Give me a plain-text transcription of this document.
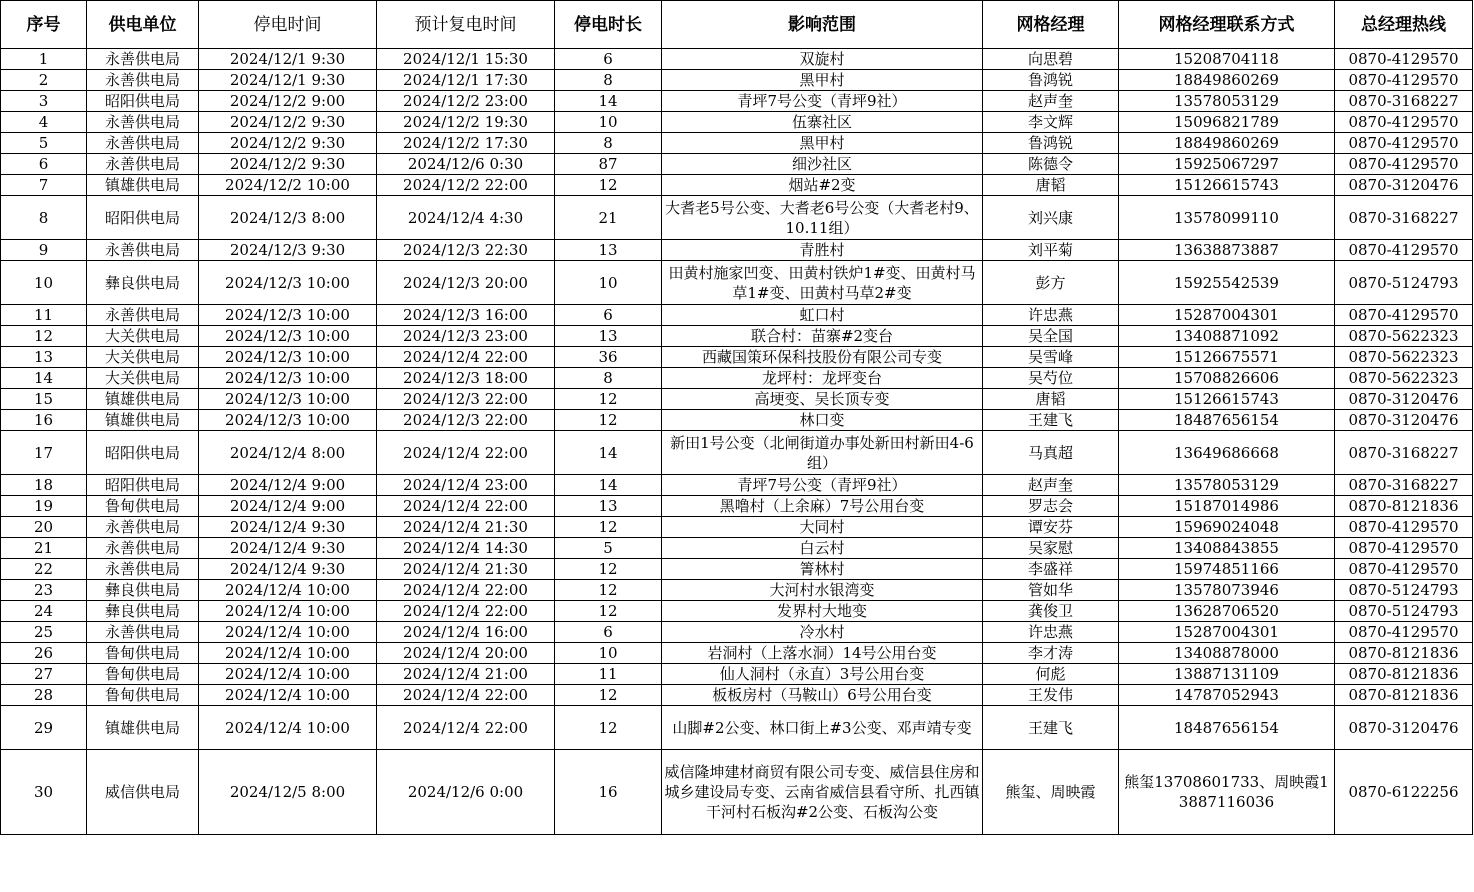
序号	供电单位	停电时间	预计复电时间	停电时长	影响范围	网格经理	网格经理联系方式	总经理热线
1	永善供电局	2024/12/1 9:30	2024/12/1 15:30	6	双旋村	向思碧	15208704118	0870-4129570
2	永善供电局	2024/12/1 9:30	2024/12/1 17:30	8	黑甲村	鲁鸿锐	18849860269	0870-4129570
3	昭阳供电局	2024/12/2 9:00	2024/12/2 23:00	14	青坪7号公变（青坪9社）	赵声奎	13578053129	0870-3168227
4	永善供电局	2024/12/2 9:30	2024/12/2 19:30	10	伍寨社区	李文辉	15096821789	0870-4129570
5	永善供电局	2024/12/2 9:30	2024/12/2 17:30	8	黑甲村	鲁鸿锐	18849860269	0870-4129570
6	永善供电局	2024/12/2 9:30	2024/12/6 0:30	87	细沙社区	陈德令	15925067297	0870-4129570
7	镇雄供电局	2024/12/2 10:00	2024/12/2 22:00	12	烟站#2变	唐韬	15126615743	0870-3120476
8	昭阳供电局	2024/12/3 8:00	2024/12/4 4:30	21	大耆老5号公变、大耆老6号公变（大耆老村9、10.11组）	刘兴康	13578099110	0870-3168227
9	永善供电局	2024/12/3 9:30	2024/12/3 22:30	13	青胜村	刘平菊	13638873887	0870-4129570
10	彝良供电局	2024/12/3 10:00	2024/12/3 20:00	10	田黄村施家凹变、田黄村铁炉1#变、田黄村马草1#变、田黄村马草2#变	彭方	15925542539	0870-5124793
11	永善供电局	2024/12/3 10:00	2024/12/3 16:00	6	虹口村	许忠燕	15287004301	0870-4129570
12	大关供电局	2024/12/3 10:00	2024/12/3 23:00	13	联合村：苗寨#2变台	吴全国	13408871092	0870-5622323
13	大关供电局	2024/12/3 10:00	2024/12/4 22:00	36	西藏国策环保科技股份有限公司专变	吴雪峰	15126675571	0870-5622323
14	大关供电局	2024/12/3 10:00	2024/12/3 18:00	8	龙坪村：龙坪变台	吴芍位	15708826606	0870-5622323
15	镇雄供电局	2024/12/3 10:00	2024/12/3 22:00	12	高埂变、吴长顶专变	唐韬	15126615743	0870-3120476
16	镇雄供电局	2024/12/3 10:00	2024/12/3 22:00	12	林口变	王建飞	18487656154	0870-3120476
17	昭阳供电局	2024/12/4 8:00	2024/12/4 22:00	14	新田1号公变（北闸街道办事处新田村新田4-6组）	马真超	13649686668	0870-3168227
18	昭阳供电局	2024/12/4 9:00	2024/12/4 23:00	14	青坪7号公变（青坪9社）	赵声奎	13578053129	0870-3168227
19	鲁甸供电局	2024/12/4 9:00	2024/12/4 22:00	13	黑噜村（上余麻）7号公用台变	罗志会	15187014986	0870-8121836
20	永善供电局	2024/12/4 9:30	2024/12/4 21:30	12	大同村	谭安芬	15969024048	0870-4129570
21	永善供电局	2024/12/4 9:30	2024/12/4 14:30	5	白云村	吴家慰	13408843855	0870-4129570
22	永善供电局	2024/12/4 9:30	2024/12/4 21:30	12	箐林村	李盛祥	15974851166	0870-4129570
23	彝良供电局	2024/12/4 10:00	2024/12/4 22:00	12	大河村水银湾变	管如华	13578073946	0870-5124793
24	彝良供电局	2024/12/4 10:00	2024/12/4 22:00	12	发界村大地变	龚俊卫	13628706520	0870-5124793
25	永善供电局	2024/12/4 10:00	2024/12/4 16:00	6	冷水村	许忠燕	15287004301	0870-4129570
26	鲁甸供电局	2024/12/4 10:00	2024/12/4 20:00	10	岩洞村（上落水洞）14号公用台变	李才涛	13408878000	0870-8121836
27	鲁甸供电局	2024/12/4 10:00	2024/12/4 21:00	11	仙人洞村（永直）3号公用台变	何彪	13887131109	0870-8121836
28	鲁甸供电局	2024/12/4 10:00	2024/12/4 22:00	12	板板房村（马鞍山）6号公用台变	王发伟	14787052943	0870-8121836
29	镇雄供电局	2024/12/4 10:00	2024/12/4 22:00	12	山脚#2公变、林口街上#3公变、邓声靖专变	王建飞	18487656154	0870-3120476
30	威信供电局	2024/12/5 8:00	2024/12/6 0:00	16	威信隆坤建材商贸有限公司专变、威信县住房和城乡建设局专变、云南省威信县看守所、扎西镇干河村石板沟#2公变、石板沟公变	熊玺、周映霞	熊玺13708601733、周映霞13887116036	0870-6122256
